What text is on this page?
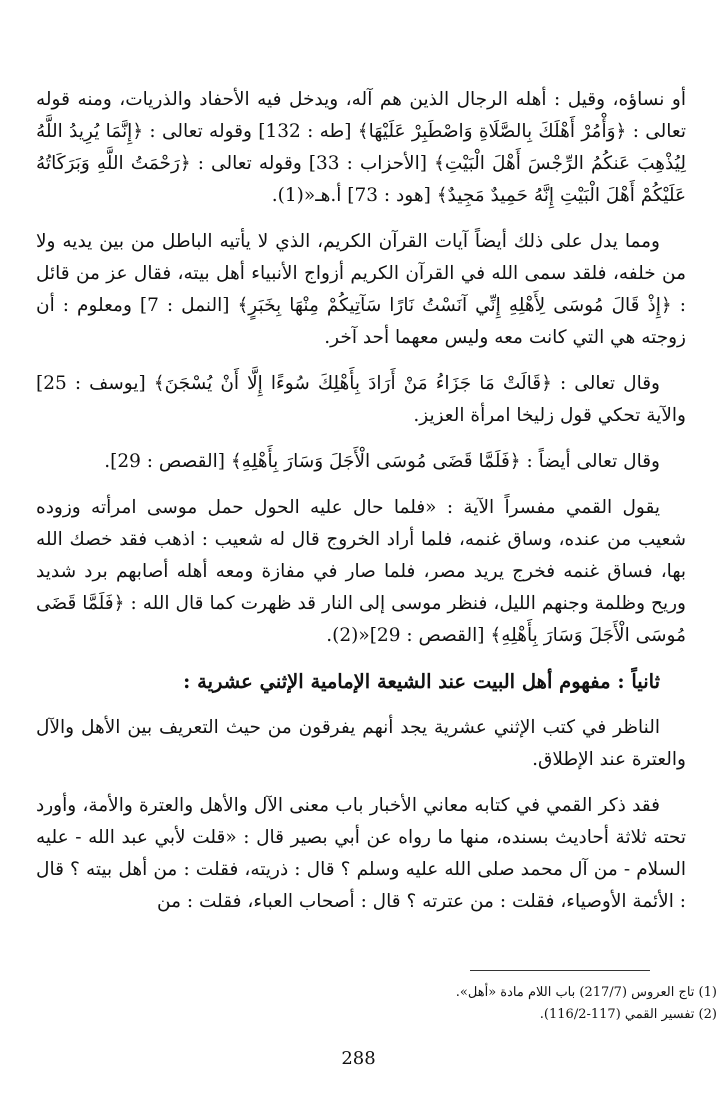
أو نساؤه، وقيل : أهله الرجال الذين هم آله، ويدخل فيه الأحفاد والذريات، ومنه قوله تعالى : ﴿وَأْمُرْ أَهْلَكَ بِالصَّلَاةِ وَاصْطَبِرْ عَلَيْهَا﴾ [طه : 132] وقوله تعالى : ﴿إِنَّمَا يُرِيدُ اللَّهُ لِيُذْهِبَ عَنكُمُ الرِّجْسَ أَهْلَ الْبَيْتِ﴾ [الأحزاب : 33] وقوله تعالى : ﴿رَحْمَتُ اللَّهِ وَبَرَكَاتُهُ عَلَيْكُمْ أَهْلَ الْبَيْتِ إِنَّهُ حَمِيدٌ مَجِيدٌ﴾ [هود : 73] أ.هـ«(1).

ومما يدل على ذلك أيضاً آيات القرآن الكريم، الذي لا يأتيه الباطل من بين يديه ولا من خلفه، فلقد سمى الله في القرآن الكريم أزواج الأنبياء أهل بيته، فقال عز من قائل : ﴿إِذْ قَالَ مُوسَى لِأَهْلِهِ إِنِّي آنَسْتُ نَارًا سَآتِيكُمْ مِنْهَا بِخَبَرٍ﴾ [النمل : 7] ومعلوم : أن زوجته هي التي كانت معه وليس معهما أحد آخر.

وقال تعالى : ﴿قَالَتْ مَا جَزَاءُ مَنْ أَرَادَ بِأَهْلِكَ سُوءًا إِلَّا أَنْ يُسْجَنَ﴾ [يوسف : 25] والآية تحكي قول زليخا امرأة العزيز.

وقال تعالى أيضاً : ﴿فَلَمَّا قَضَى مُوسَى الْأَجَلَ وَسَارَ بِأَهْلِهِ﴾ [القصص : 29].

يقول القمي مفسراً الآية : «فلما حال عليه الحول حمل موسى امرأته وزوده شعيب من عنده، وساق غنمه، فلما أراد الخروج قال له شعيب : اذهب فقد خصك الله بها، فساق غنمه فخرج يريد مصر، فلما صار في مفازة ومعه أهله أصابهم برد شديد وريح وظلمة وجنهم الليل، فنظر موسى إلى النار قد ظهرت كما قال الله : ﴿فَلَمَّا قَضَى مُوسَى الْأَجَلَ وَسَارَ بِأَهْلِهِ﴾ [القصص : 29]«(2).

ثانياً : مفهوم أهل البيت عند الشيعة الإمامية الإثني عشرية :

الناظر في كتب الإثني عشرية يجد أنهم يفرقون من حيث التعريف بين الأهل والآل والعترة عند الإطلاق.

فقد ذكر القمي في كتابه معاني الأخبار باب معنى الآل والأهل والعترة والأمة، وأورد تحته ثلاثة أحاديث بسنده، منها ما رواه عن أبي بصير قال : «قلت لأبي عبد الله - عليه السلام - من آل محمد صلى الله عليه وسلم ؟ قال : ذريته، فقلت : من أهل بيته ؟ قال : الأئمة الأوصياء، فقلت : من عترته ؟ قال : أصحاب العباء، فقلت : من

(1) تاج العروس (217/7) باب اللام مادة «أهل».
(2) تفسير القمي (117-116/2).
288
